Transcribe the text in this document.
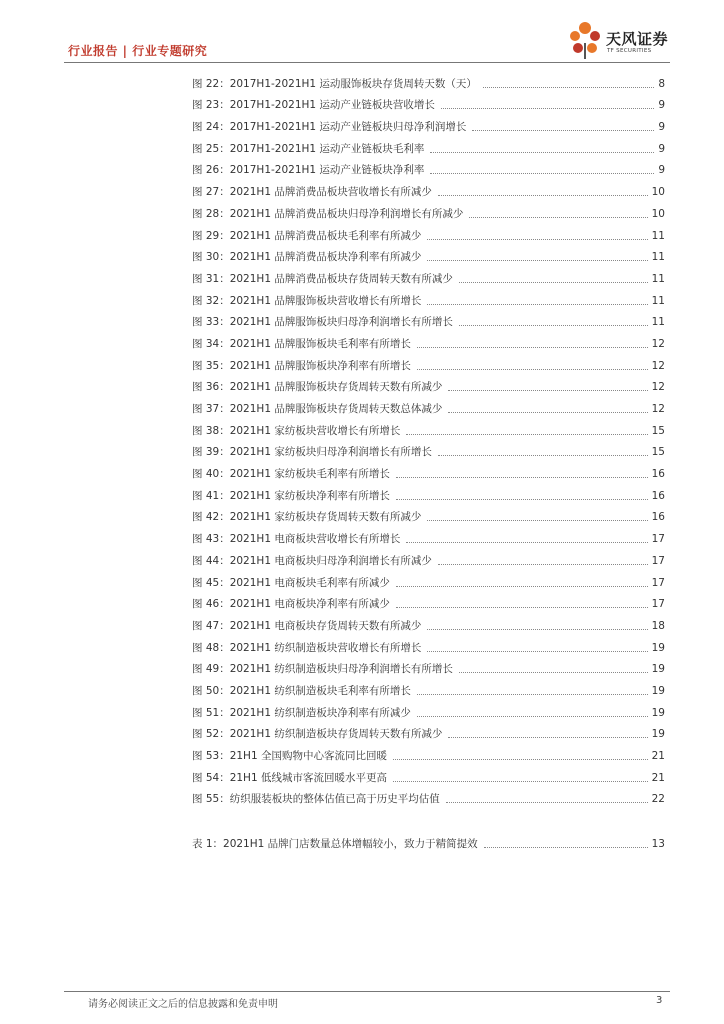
行业报告 | 行业专题研究
天风证券
TF SECURITIES
图 22：2017H1-2021H1 运动服饰板块存货周转天数（天）	8
图 23：2017H1-2021H1 运动产业链板块营收增长	9
图 24：2017H1-2021H1 运动产业链板块归母净利润增长	9
图 25：2017H1-2021H1 运动产业链板块毛利率	9
图 26：2017H1-2021H1 运动产业链板块净利率	9
图 27：2021H1 品牌消费品板块营收增长有所减少	10
图 28：2021H1 品牌消费品板块归母净利润增长有所减少	10
图 29：2021H1 品牌消费品板块毛利率有所减少	11
图 30：2021H1 品牌消费品板块净利率有所减少	11
图 31：2021H1 品牌消费品板块存货周转天数有所减少	11
图 32：2021H1 品牌服饰板块营收增长有所增长	11
图 33：2021H1 品牌服饰板块归母净利润增长有所增长	11
图 34：2021H1 品牌服饰板块毛利率有所增长	12
图 35：2021H1 品牌服饰板块净利率有所增长	12
图 36：2021H1 品牌服饰板块存货周转天数有所减少	12
图 37：2021H1 品牌服饰板块存货周转天数总体减少	12
图 38：2021H1 家纺板块营收增长有所增长	15
图 39：2021H1 家纺板块归母净利润增长有所增长	15
图 40：2021H1 家纺板块毛利率有所增长	16
图 41：2021H1 家纺板块净利率有所增长	16
图 42：2021H1 家纺板块存货周转天数有所减少	16
图 43：2021H1 电商板块营收增长有所增长	17
图 44：2021H1 电商板块归母净利润增长有所减少	17
图 45：2021H1 电商板块毛利率有所减少	17
图 46：2021H1 电商板块净利率有所减少	17
图 47：2021H1 电商板块存货周转天数有所减少	18
图 48：2021H1 纺织制造板块营收增长有所增长	19
图 49：2021H1 纺织制造板块归母净利润增长有所增长	19
图 50：2021H1 纺织制造板块毛利率有所增长	19
图 51：2021H1 纺织制造板块净利率有所减少	19
图 52：2021H1 纺织制造板块存货周转天数有所减少	19
图 53：21H1 全国购物中心客流同比回暖	21
图 54：21H1 低线城市客流回暖水平更高	21
图 55：纺织服装板块的整体估值已高于历史平均估值	22
表 1：2021H1 品牌门店数量总体增幅较小，致力于精简提效	13
请务必阅读正文之后的信息披露和免责申明	3
